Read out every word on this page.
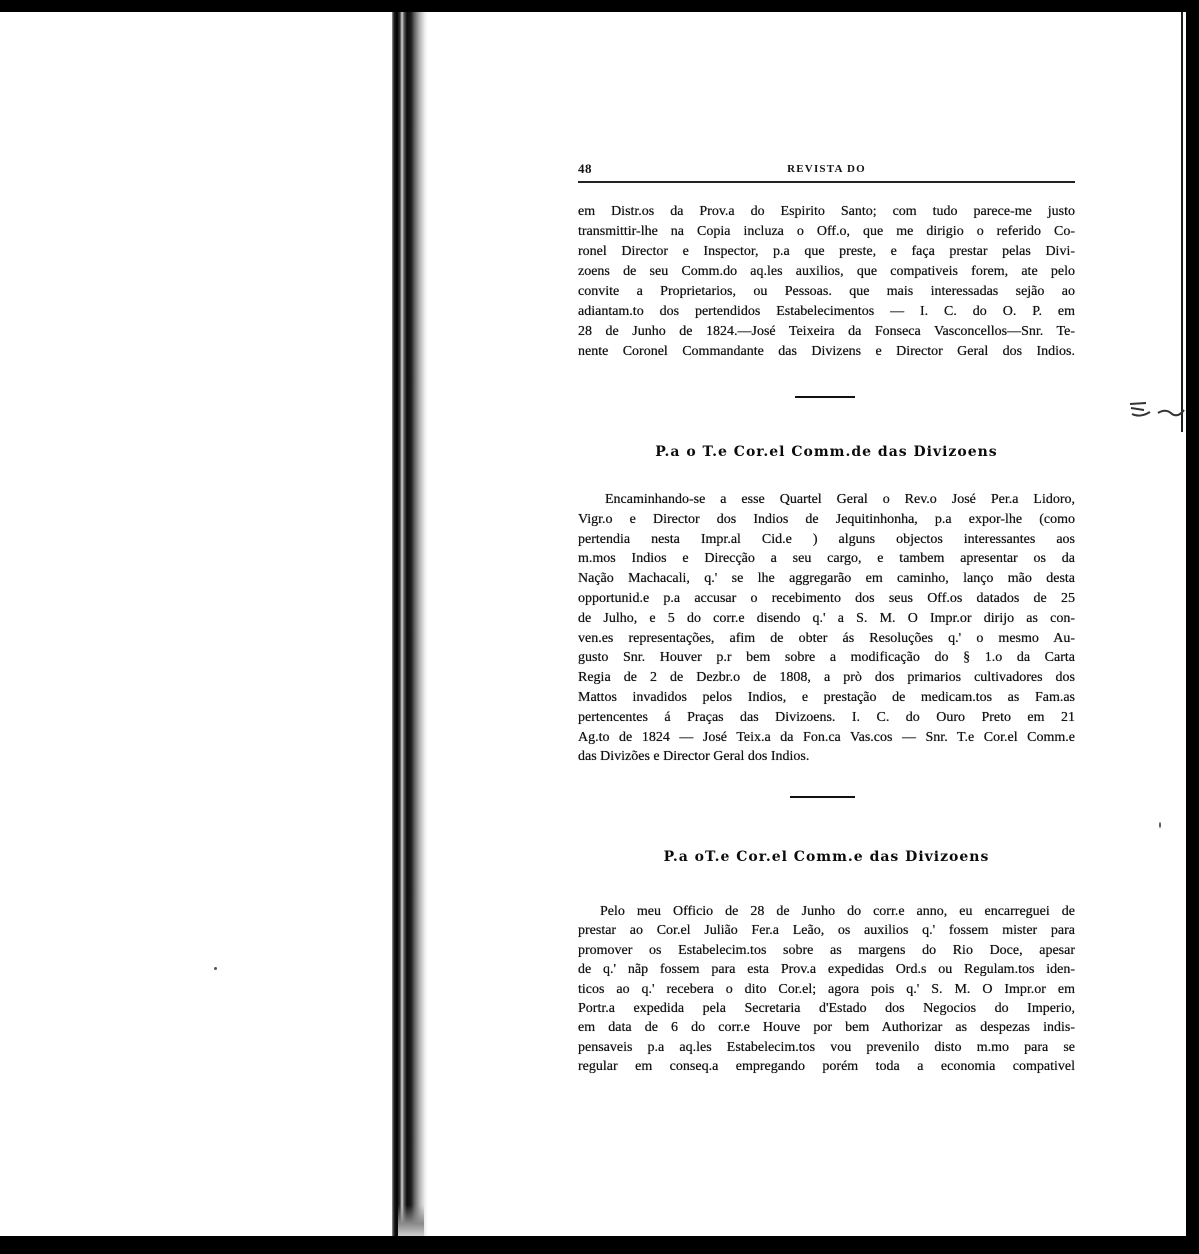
48	REVISTA DO
em Distr.os da Prov.a do Espirito Santo; com tudo parece-me justo
transmittir-lhe na Copia incluza o Off.o, que me dirigio o referido Co-
ronel Director e Inspector, p.a que preste, e faça prestar pelas Divi-
zoens de seu Comm.do aq.les auxilios, que compativeis forem, ate pelo
convite a Proprietarios, ou Pessoas. que mais interessadas sejão ao
adiantam.to dos pertendidos Estabelecimentos — I. C. do O. P. em
28 de Junho de 1824.—José Teixeira da Fonseca Vasconcellos—Snr. Te-
nente Coronel Commandante das Divizens e Director Geral dos Indios.
P.a o T.e Cor.el Comm.de das Divizoens
Encaminhando-se a esse Quartel Geral o Rev.o José Per.a Lidoro,
Vigr.o e Director dos Indios de Jequitinhonha, p.a expor-lhe (como
pertendia nesta Impr.al Cid.e ) alguns objectos interessantes aos
m.mos Indios e Direcção a seu cargo, e tambem apresentar os da
Nação Machacali, q.' se lhe aggregarão em caminho, lanço mão desta
opportunid.e p.a accusar o recebimento dos seus Off.os datados de 25
de Julho, e 5 do corr.e disendo q.' a S. M. O Impr.or dirijo as con-
ven.es representações, afim de obter ás Resoluções q.' o mesmo Au-
gusto Snr. Houver p.r bem sobre a modificação do § 1.o da Carta
Regia de 2 de Dezbr.o de 1808, a prò dos primarios cultivadores dos
Mattos invadidos pelos Indios, e prestação de medicam.tos as Fam.as
pertencentes á Praças das Divizoens. I. C. do Ouro Preto em 21
Ag.to de 1824 — José Teix.a da Fon.ca Vas.cos — Snr. T.e Cor.el Comm.e
das Divizões e Director Geral dos Indios.
P.a oT.e Cor.el Comm.e das Divizoens
Pelo meu Officio de 28 de Junho do corr.e anno, eu encarreguei de
prestar ao Cor.el Julião Fer.a Leão, os auxilios q.' fossem mister para
promover os Estabelecim.tos sobre as margens do Rio Doce, apesar
de q.' nãp fossem para esta Prov.a expedidas Ord.s ou Regulam.tos iden-
ticos ao q.' recebera o dito Cor.el; agora pois q.' S. M. O Impr.or em
Portr.a expedida pela Secretaria d'Estado dos Negocios do Imperio,
em data de 6 do corr.e Houve por bem Authorizar as despezas indis-
pensaveis p.a aq.les Estabelecim.tos vou prevenilo disto m.mo para se
regular em conseq.a empregando porém toda a economia compativel
